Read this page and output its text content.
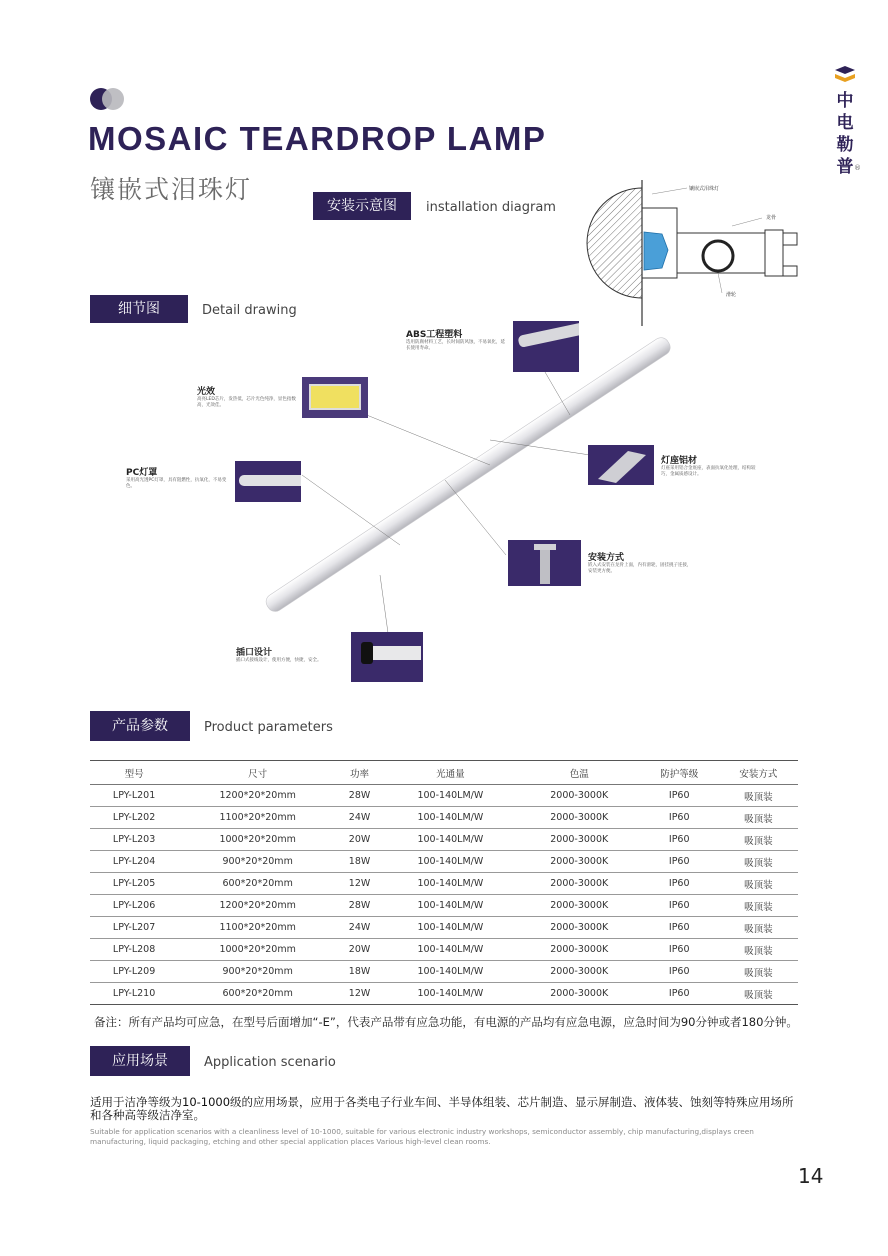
MOSAIC TEARDROP LAMP
镶嵌式泪珠灯
中
电
勒
普 ®
安装示意图	installation diagram
镶嵌式泪珠灯
龙骨
滑轮
细节图	Detail drawing
ABS工程塑料
选用防腐材料工艺，长时间防风蚀，不易氧化，延长使用寿命。
光效
高亮LED芯片，发热低，芯片光色纯净，显色指数高，光效佳。
PC灯罩
采用高光透PC灯罩，具有阻燃性，抗氧化，不易变色。
灯座铝材
灯座采用铝合金底座，表面抗氧化处理，结构较巧，金属质感设计。
安装方式
嵌入式安装在龙骨上面，内有滑轮，固挂挑子连接，安装更方便。
插口设计
插口式接线设计，使用方便，快捷，安全。
产品参数	Product parameters
型号	尺寸	功率	光通量	色温	防护等级	安装方式
LPY-L201	1200*20*20mm	28W	100-140LM/W	2000-3000K	IP60	吸顶装
LPY-L202	1100*20*20mm	24W	100-140LM/W	2000-3000K	IP60	吸顶装
LPY-L203	1000*20*20mm	20W	100-140LM/W	2000-3000K	IP60	吸顶装
LPY-L204	900*20*20mm	18W	100-140LM/W	2000-3000K	IP60	吸顶装
LPY-L205	600*20*20mm	12W	100-140LM/W	2000-3000K	IP60	吸顶装
LPY-L206	1200*20*20mm	28W	100-140LM/W	2000-3000K	IP60	吸顶装
LPY-L207	1100*20*20mm	24W	100-140LM/W	2000-3000K	IP60	吸顶装
LPY-L208	1000*20*20mm	20W	100-140LM/W	2000-3000K	IP60	吸顶装
LPY-L209	900*20*20mm	18W	100-140LM/W	2000-3000K	IP60	吸顶装
LPY-L210	600*20*20mm	12W	100-140LM/W	2000-3000K	IP60	吸顶装
备注：所有产品均可应急，在型号后面增加“-E”，代表产品带有应急功能，有电源的产品均有应急电源，应急时间为90分钟或者180分钟。
应用场景	Application scenario
适用于洁净等级为10-1000级的应用场景，应用于各类电子行业车间、半导体组装、芯片制造、显示屏制造、液体装、蚀刻等特殊应用场所和各种高等级洁净室。
Suitable for application scenarios with a cleanliness level of 10-1000, suitable for various electronic industry workshops, semiconductor assembly, chip manufacturing,displays creen manufacturing, liquid packaging, etching and other special application places Various high-level clean rooms.
14
